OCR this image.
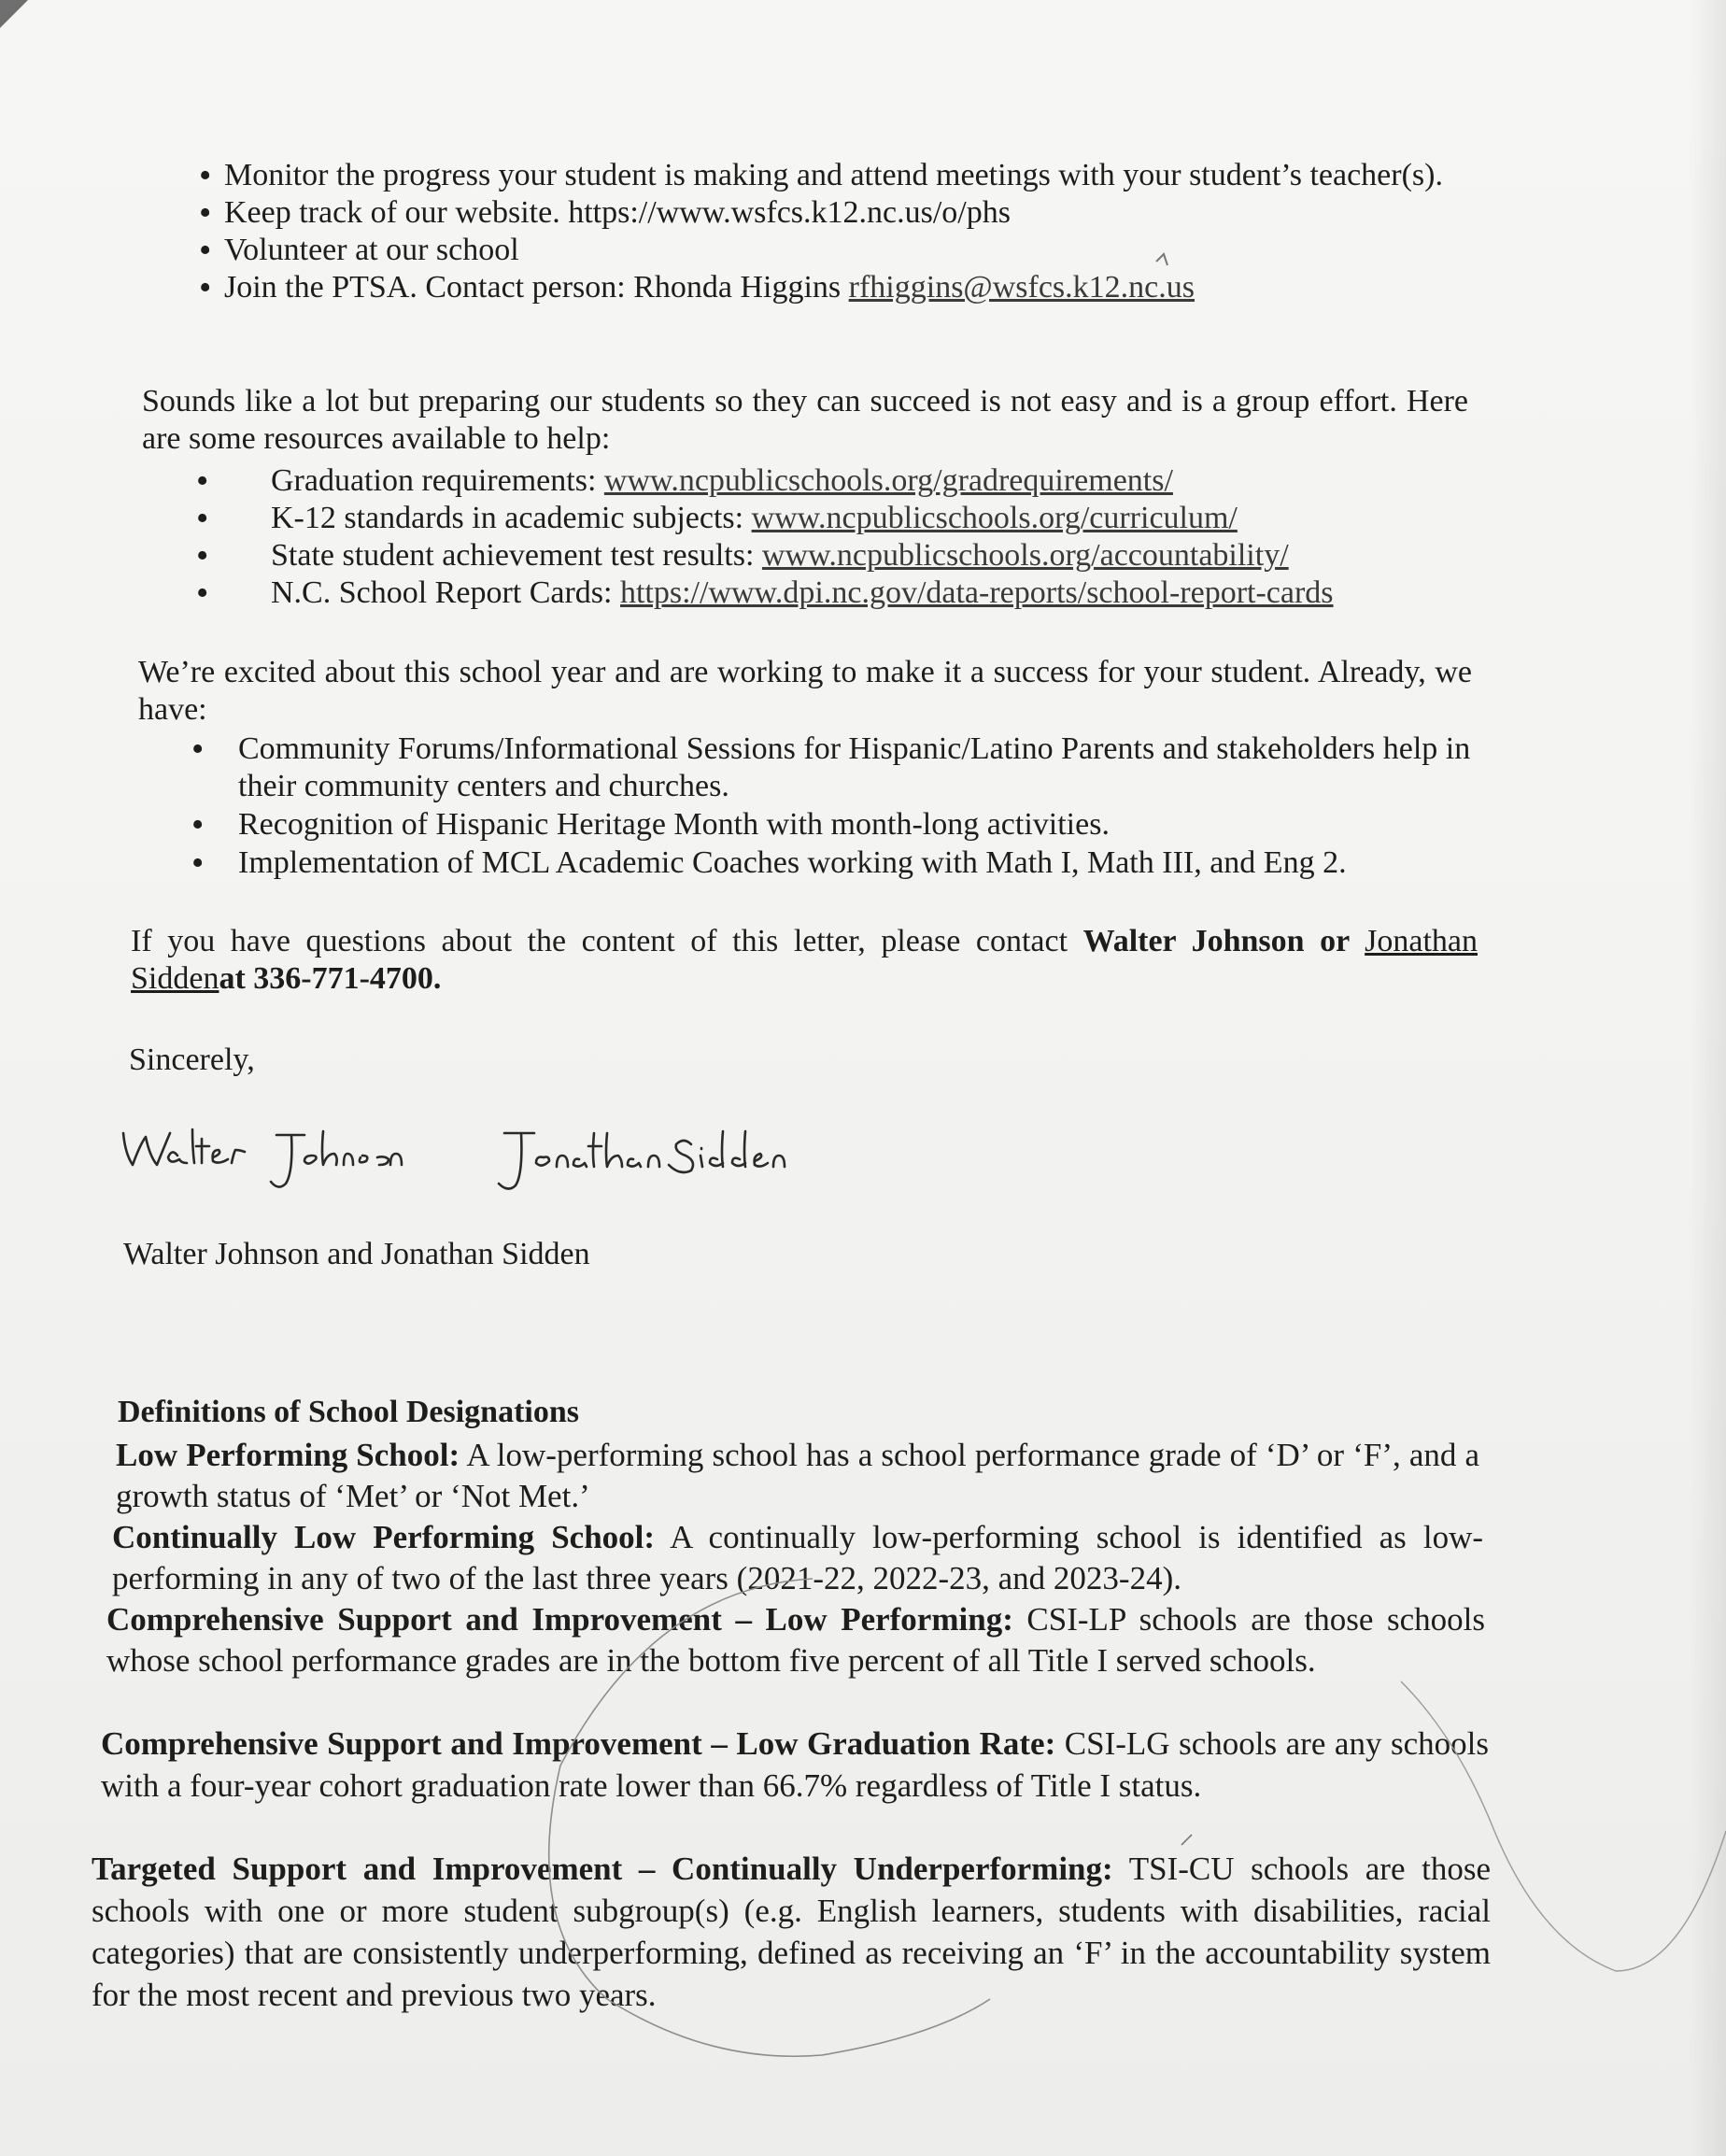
• Monitor the progress your student is making and attend meetings with your student’s teacher(s).
• Keep track of our website. https://www.wsfcs.k12.nc.us/o/phs
• Volunteer at our school
• Join the PTSA. Contact person: Rhonda Higgins rfhiggins@wsfcs.k12.nc.us

Sounds like a lot but preparing our students so they can succeed is not easy and is a group effort. Here are some resources available to help:

• Graduation requirements: www.ncpublicschools.org/gradrequirements/
• K-12 standards in academic subjects: www.ncpublicschools.org/curriculum/
• State student achievement test results: www.ncpublicschools.org/accountability/
• N.C. School Report Cards: https://www.dpi.nc.gov/data-reports/school-report-cards

We’re excited about this school year and are working to make it a success for your student. Already, we have:

• Community Forums/Informational Sessions for Hispanic/Latino Parents and stakeholders help in their community centers and churches.
• Recognition of Hispanic Heritage Month with month-long activities.
• Implementation of MCL Academic Coaches working with Math I, Math III, and Eng 2.

If you have questions about the content of this letter, please contact Walter Johnson or Jonathan Siddenat 336-771-4700.

Sincerely,
Walter Johnson and Jonathan Sidden
Definitions of School Designations
Low Performing School: A low-performing school has a school performance grade of ‘D’ or ‘F’, and a growth status of ‘Met’ or ‘Not Met.’
Continually Low Performing School: A continually low-performing school is identified as low-performing in any of two of the last three years (2021-22, 2022-23, and 2023-24).
Comprehensive Support and Improvement – Low Performing: CSI-LP schools are those schools whose school performance grades are in the bottom five percent of all Title I served schools.
Comprehensive Support and Improvement – Low Graduation Rate: CSI-LG schools are any schools with a four-year cohort graduation rate lower than 66.7% regardless of Title I status.
Targeted Support and Improvement – Continually Underperforming: TSI-CU schools are those schools with one or more student subgroup(s) (e.g. English learners, students with disabilities, racial categories) that are consistently underperforming, defined as receiving an ‘F’ in the accountability system for the most recent and previous two years.
